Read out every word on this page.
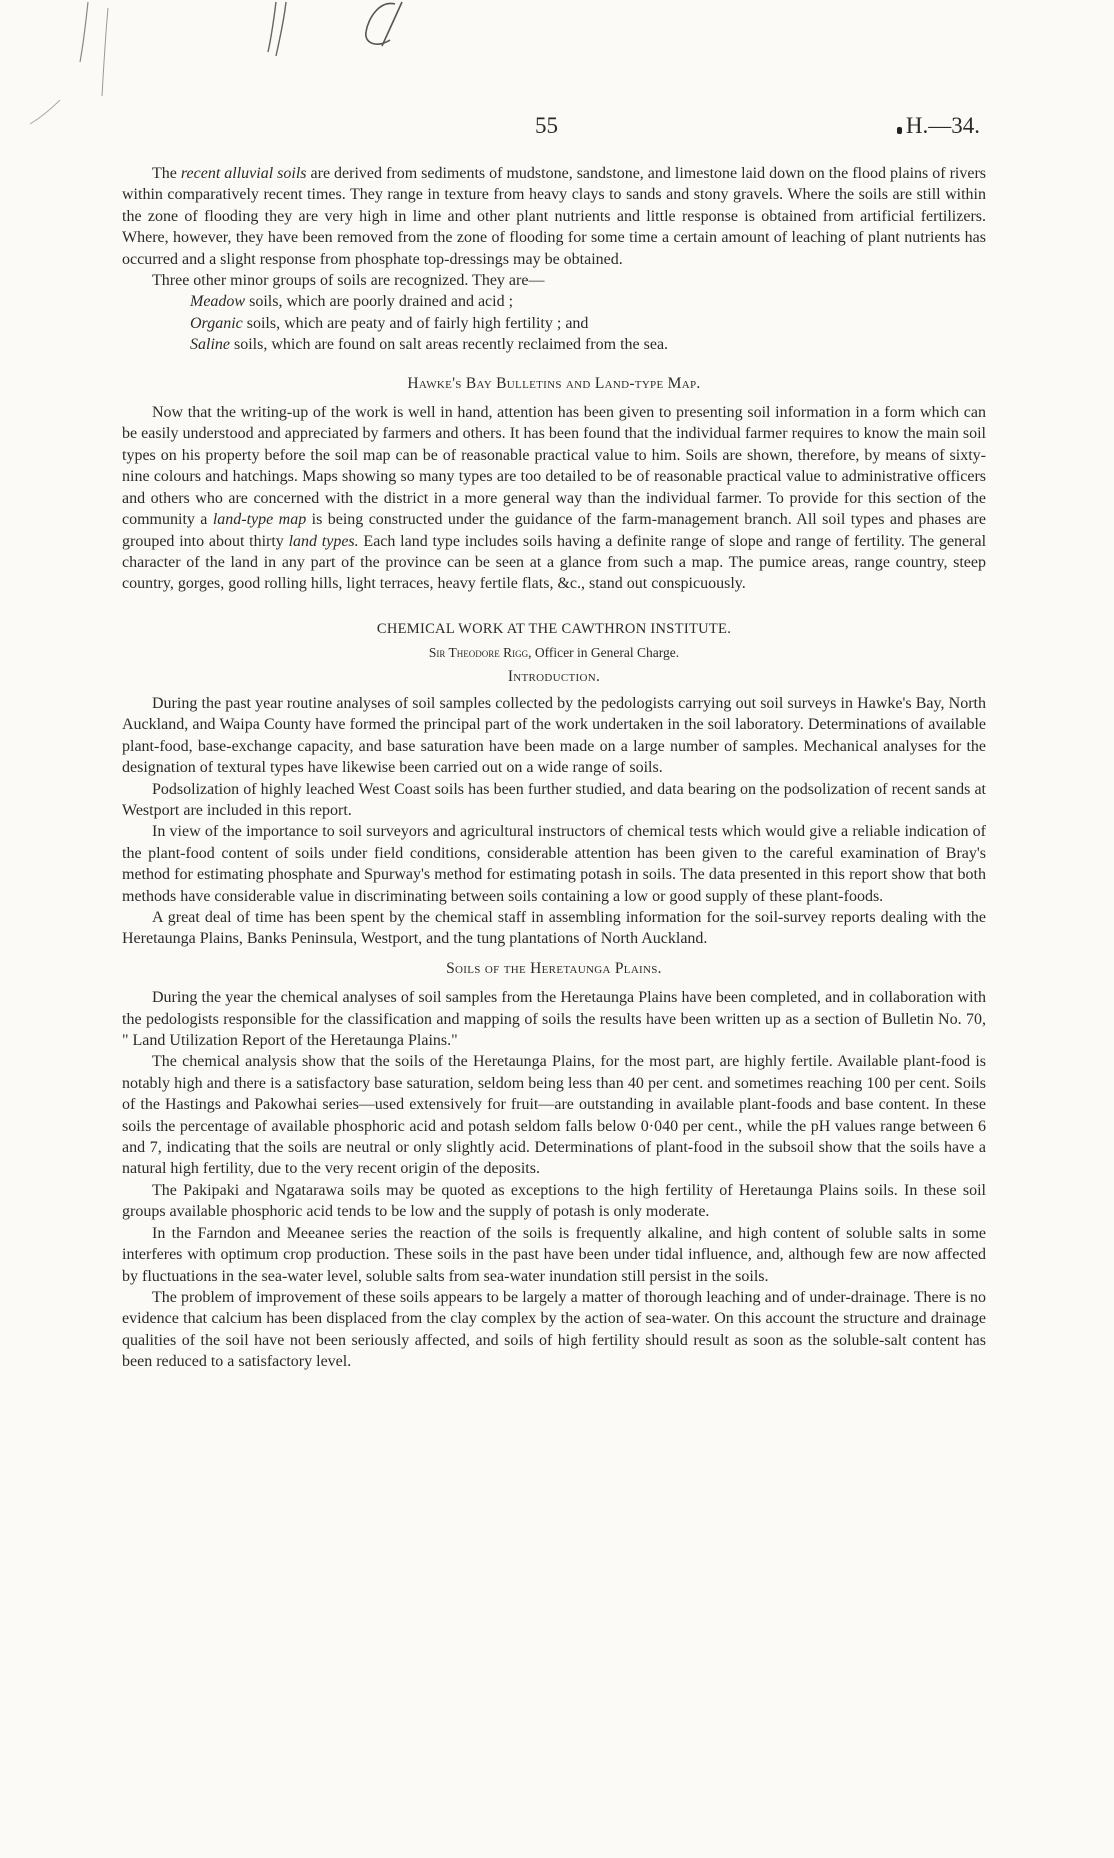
55	H.—34.

The recent alluvial soils are derived from sediments of mudstone, sandstone, and limestone laid down on the flood plains of rivers within comparatively recent times. They range in texture from heavy clays to sands and stony gravels. Where the soils are still within the zone of flooding they are very high in lime and other plant nutrients and little response is obtained from artificial fertilizers. Where, however, they have been removed from the zone of flooding for some time a certain amount of leaching of plant nutrients has occurred and a slight response from phosphate top-dressings may be obtained.

Three other minor groups of soils are recognized. They are—

Meadow soils, which are poorly drained and acid ;
Organic soils, which are peaty and of fairly high fertility ; and
Saline soils, which are found on salt areas recently reclaimed from the sea.
Hawke's Bay Bulletins and Land-type Map.

Now that the writing-up of the work is well in hand, attention has been given to presenting soil information in a form which can be easily understood and appreciated by farmers and others. It has been found that the individual farmer requires to know the main soil types on his property before the soil map can be of reasonable practical value to him. Soils are shown, therefore, by means of sixty-nine colours and hatchings. Maps showing so many types are too detailed to be of reasonable practical value to administrative officers and others who are concerned with the district in a more general way than the individual farmer. To provide for this section of the community a land-type map is being constructed under the guidance of the farm-management branch. All soil types and phases are grouped into about thirty land types. Each land type includes soils having a definite range of slope and range of fertility. The general character of the land in any part of the province can be seen at a glance from such a map. The pumice areas, range country, steep country, gorges, good rolling hills, light terraces, heavy fertile flats, &c., stand out conspicuously.

CHEMICAL WORK AT THE CAWTHRON INSTITUTE.
Sir Theodore Rigg, Officer in General Charge.
Introduction.

During the past year routine analyses of soil samples collected by the pedologists carrying out soil surveys in Hawke's Bay, North Auckland, and Waipa County have formed the principal part of the work undertaken in the soil laboratory. Determinations of available plant-food, base-exchange capacity, and base saturation have been made on a large number of samples. Mechanical analyses for the designation of textural types have likewise been carried out on a wide range of soils.

Podsolization of highly leached West Coast soils has been further studied, and data bearing on the podsolization of recent sands at Westport are included in this report.

In view of the importance to soil surveyors and agricultural instructors of chemical tests which would give a reliable indication of the plant-food content of soils under field conditions, considerable attention has been given to the careful examination of Bray's method for estimating phosphate and Spurway's method for estimating potash in soils. The data presented in this report show that both methods have considerable value in discriminating between soils containing a low or good supply of these plant-foods.

A great deal of time has been spent by the chemical staff in assembling information for the soil-survey reports dealing with the Heretaunga Plains, Banks Peninsula, Westport, and the tung plantations of North Auckland.

Soils of the Heretaunga Plains.

During the year the chemical analyses of soil samples from the Heretaunga Plains have been completed, and in collaboration with the pedologists responsible for the classification and mapping of soils the results have been written up as a section of Bulletin No. 70, " Land Utilization Report of the Heretaunga Plains."

The chemical analysis show that the soils of the Heretaunga Plains, for the most part, are highly fertile. Available plant-food is notably high and there is a satisfactory base saturation, seldom being less than 40 per cent. and sometimes reaching 100 per cent. Soils of the Hastings and Pakowhai series—used extensively for fruit—are outstanding in available plant-foods and base content. In these soils the percentage of available phosphoric acid and potash seldom falls below 0·040 per cent., while the pH values range between 6 and 7, indicating that the soils are neutral or only slightly acid. Determinations of plant-food in the subsoil show that the soils have a natural high fertility, due to the very recent origin of the deposits.

The Pakipaki and Ngatarawa soils may be quoted as exceptions to the high fertility of Heretaunga Plains soils. In these soil groups available phosphoric acid tends to be low and the supply of potash is only moderate.

In the Farndon and Meeanee series the reaction of the soils is frequently alkaline, and high content of soluble salts in some interferes with optimum crop production. These soils in the past have been under tidal influence, and, although few are now affected by fluctuations in the sea-water level, soluble salts from sea-water inundation still persist in the soils.

The problem of improvement of these soils appears to be largely a matter of thorough leaching and of under-drainage. There is no evidence that calcium has been displaced from the clay complex by the action of sea-water. On this account the structure and drainage qualities of the soil have not been seriously affected, and soils of high fertility should result as soon as the soluble-salt content has been reduced to a satisfactory level.
